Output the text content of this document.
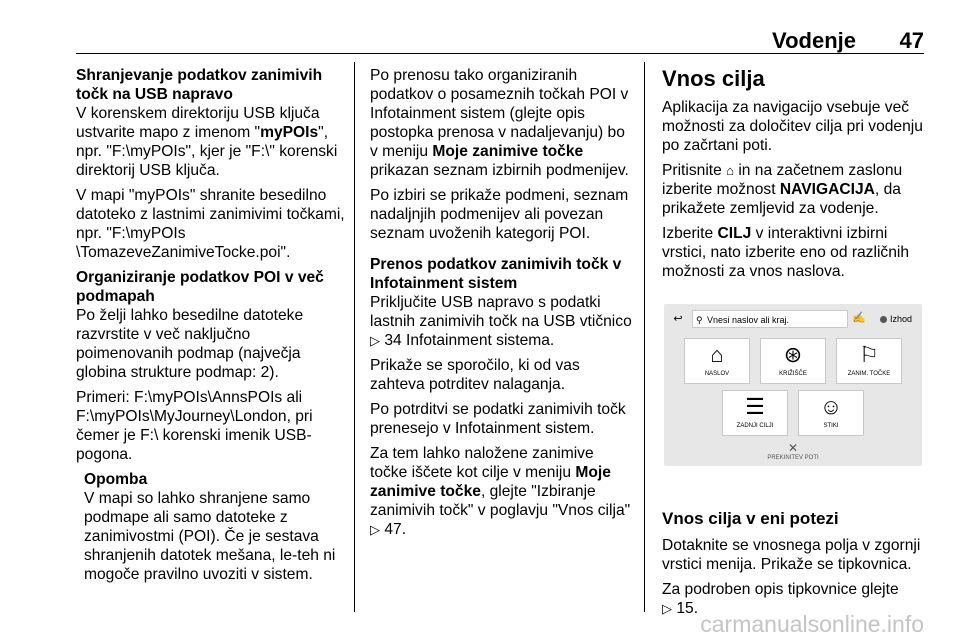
Vodenje 47

Shranjevanje podatkov zanimivih točk na USB napravo

V korenskem direktoriju USB ključa ustvarite mapo z imenom "myPOIs", npr. "F:\myPOIs", kjer je "F:\" korenski direktorij USB ključa.

V mapi "myPOIs" shranite besedilno datoteko z lastnimi zanimivimi točkami, npr. "F:\myPOIs \TomazeveZanimiveTocke.poi".

Organiziranje podatkov POI v več podmapah

Po želji lahko besedilne datoteke razvrstite v več naključno poimenovanih podmap (največja globina strukture podmap: 2).

Primeri: F:\myPOIs\AnnsPOIs ali F:\myPOIs\MyJourney\London, pri čemer je F:\ korenski imenik USB-pogona.

Opomba

V mapi so lahko shranjene samo podmape ali samo datoteke z zanimivostmi (POI). Če je sestava shranjenih datotek mešana, le-teh ni mogoče pravilno uvoziti v sistem.

Po prenosu tako organiziranih podatkov o posameznih točkah POI v Infotainment sistem (glejte opis postopka prenosa v nadaljevanju) bo v meniju Moje zanimive točke prikazan seznam izbirnih podmenijev.

Po izbiri se prikaže podmeni, seznam nadaljnjih podmenijev ali povezan seznam uvoženih kategorij POI.

Prenos podatkov zanimivih točk v Infotainment sistem

Priključite USB napravo s podatki lastnih zanimivih točk na USB vtičnico ▷ 34 Infotainment sistema.

Prikaže se sporočilo, ki od vas zahteva potrditev nalaganja.

Po potrditvi se podatki zanimivih točk prenesejo v Infotainment sistem.

Za tem lahko naložene zanimive točke iščete kot cilje v meniju Moje zanimive točke, glejte "Izbiranje zanimivih točk" v poglavju "Vnos cilja" ▷ 47.

Vnos cilja

Aplikacija za navigacijo vsebuje več možnosti za določitev cilja pri vodenju po začrtani poti.

Pritisnite ⌂ in na začetnem zaslonu izberite možnost NAVIGACIJA, da prikažete zemljevid za vodenje.

Izberite CILJ v interaktivni izbirni vrstici, nato izberite eno od različnih možnosti za vnos naslova.

↩	⚲ Vnesi naslov ali kraj.	✍	Izhod
⌂
NASLOV
⊛
KRIŽIŠČE
⚐
ZANIM. TOČKE
☰
ZADNJI CILJI
☺
STIKI
✕
PREKINITEV POTI

Vnos cilja v eni potezi

Dotaknite se vnosnega polja v zgornji vrstici menija. Prikaže se tipkovnica.

Za podroben opis tipkovnice glejte
▷ 15.

carmanualsonline.info
